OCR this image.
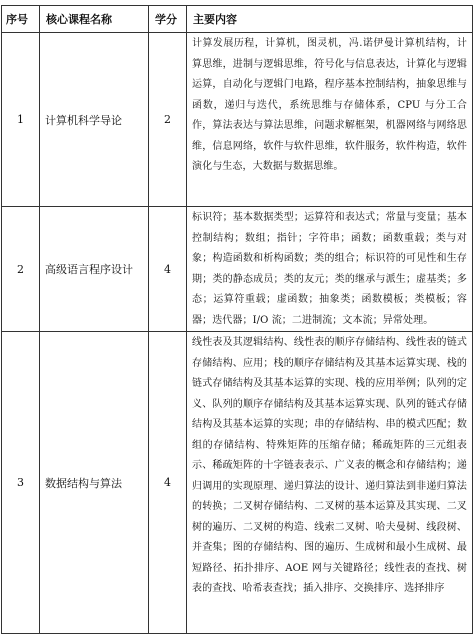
序号	核心课程名称	学分	主要内容
1	计算机科学导论	2	计算发展历程，计算机，图灵机，冯.诺伊曼计算机结构，计算思维，进制与逻辑思维，符号化与信息表达，计算化与逻辑运算，自动化与逻辑门电路，程序基本控制结构，抽象思维与函数，递归与迭代，系统思维与存储体系，CPU 与分工合作，算法表达与算法思维，问题求解框架，机器网络与网络思维，信息网络，软件与软件思维，软件服务，软件构造，软件演化与生态，大数据与数据思维。
2	高级语言程序设计	4	标识符；基本数据类型；运算符和表达式；常量与变量；基本控制结构；数组；指针；字符串；函数；函数重载；类与对象；构造函数和析构函数；类的组合；标识符的可见性和生存期；类的静态成员；类的友元；类的继承与派生；虚基类；多态；运算符重载；虚函数；抽象类；函数模板；类模板；容器；迭代器；I/O 流；二进制流；文本流；异常处理。
3	数据结构与算法	4	线性表及其逻辑结构、线性表的顺序存储结构、线性表的链式存储结构、应用；栈的顺序存储结构及其基本运算实现、栈的链式存储结构及其基本运算的实现、栈的应用举例；队列的定义、队列的顺序存储结构及其基本运算实现、队列的链式存储结构及其基本运算的实现；串的存储结构、串的模式匹配；数组的存储结构、特殊矩阵的压缩存储；稀疏矩阵的三元组表示、稀疏矩阵的十字链表表示、广义表的概念和存储结构；递归调用的实现原理、递归算法的设计、递归算法到非递归算法的转换；二叉树存储结构、二叉树的基本运算及其实现、二叉树的遍历、二叉树的构造、线索二叉树、哈夫曼树、线段树、并查集；图的存储结构、图的遍历、生成树和最小生成树、最短路径、拓扑排序、AOE 网与关键路径；线性表的查找、树表的查找、哈希表查找；插入排序、交换排序、选择排序
